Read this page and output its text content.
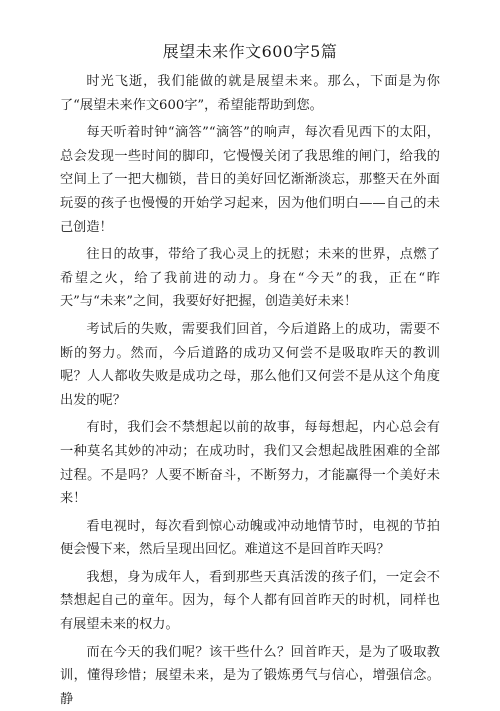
展望未来作文600字5篇

时光飞逝，我们能做的就是展望未来。那么，下面是为你了“展望未来作文600字”，希望能帮助到您。

每天听着时钟“滴答”“滴答”的响声，每次看见西下的太阳，总会发现一些时间的脚印，它慢慢关闭了我思维的闸门，给我的空间上了一把大枷锁，昔日的美好回忆渐渐淡忘，那整天在外面玩耍的孩子也慢慢的开始学习起来，因为他们明白——自己的未己创造！

往日的故事，带给了我心灵上的抚慰；未来的世界，点燃了希望之火，给了我前进的动力。身在“今天”的我，正在“昨天”与“未来”之间，我要好好把握，创造美好未来！

考试后的失败，需要我们回首，今后道路上的成功，需要不断的努力。然而，今后道路的成功又何尝不是吸取昨天的教训呢？人人都收失败是成功之母，那么他们又何尝不是从这个角度出发的呢？

有时，我们会不禁想起以前的故事，每每想起，内心总会有一种莫名其妙的冲动；在成功时，我们又会想起战胜困难的全部过程。不是吗？人要不断奋斗，不断努力，才能赢得一个美好未来！

看电视时，每次看到惊心动魄或冲动地情节时，电视的节拍便会慢下来，然后呈现出回忆。难道这不是回首昨天吗？

我想，身为成年人，看到那些天真活泼的孩子们，一定会不禁想起自己的童年。因为，每个人都有回首昨天的时机，同样也有展望未来的权力。

而在今天的我们呢？该干些什么？回首昨天，是为了吸取教训，懂得珍惜；展望未来，是为了锻炼勇气与信心，增强信念。静
